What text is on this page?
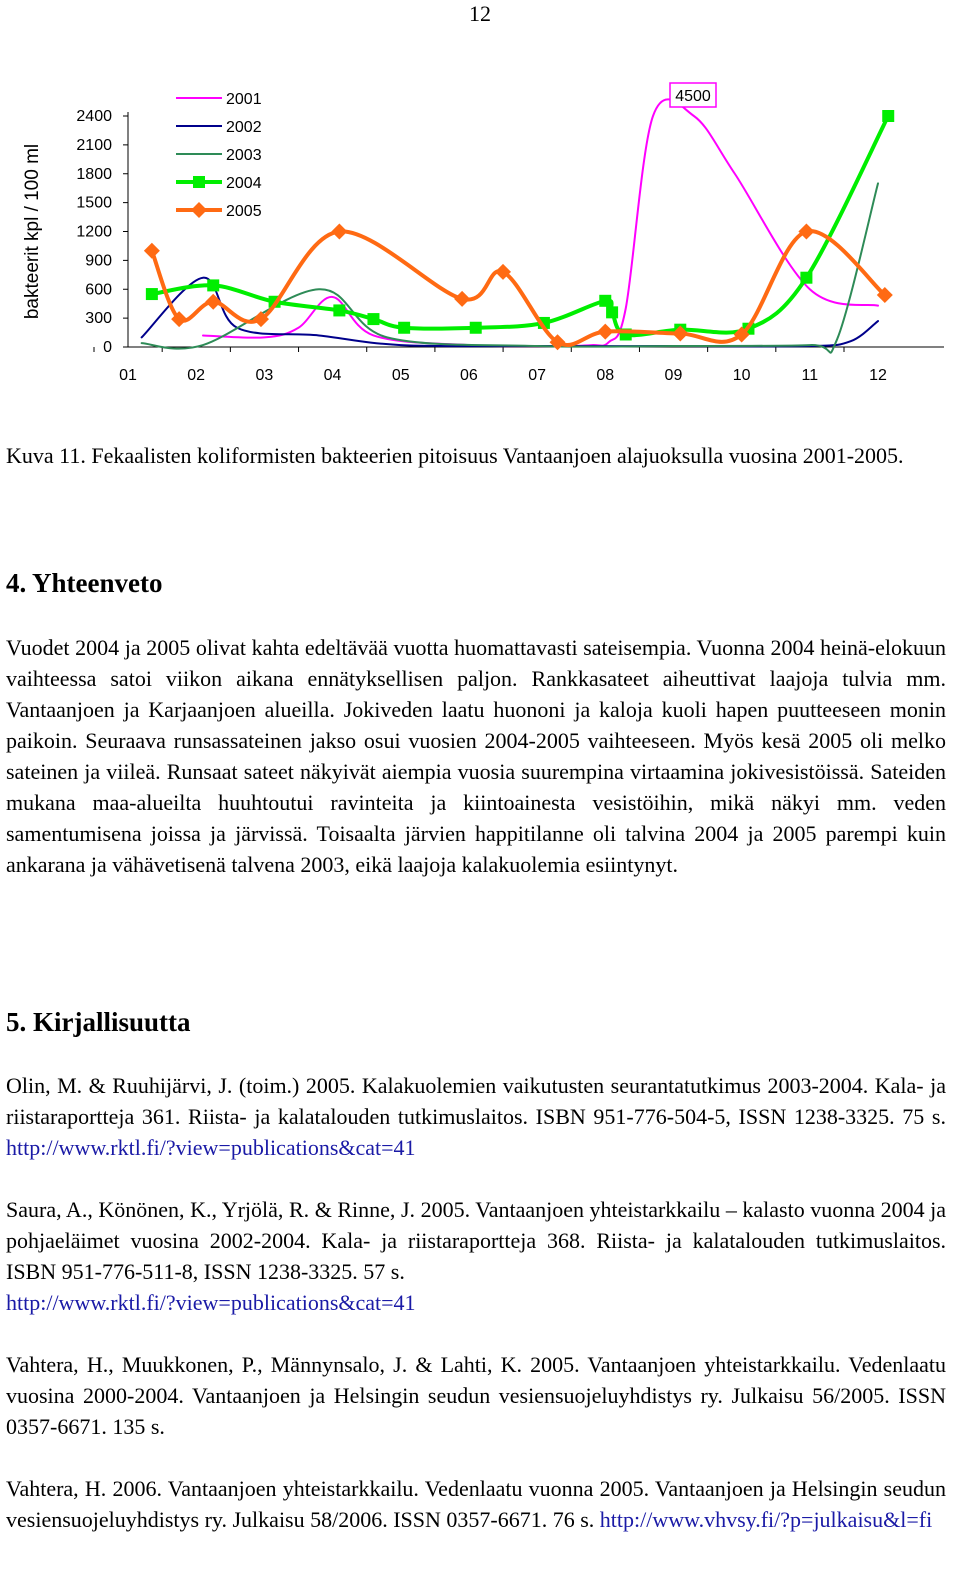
12
bakteerit kpl / 100 ml
0
300
600
900
1200
1500
1800
2100
2400
01	02	03	04	05	06	07	08	09	10	11	12
4500
2001
2002
2003
2004
2005
Kuva 11. Fekaalisten koliformisten bakteerien pitoisuus Vantaanjoen alajuoksulla vuosina 2001-2005.
4. Yhteenveto
Vuodet 2004 ja 2005 olivat kahta edeltävää vuotta huomattavasti sateisempia. Vuonna 2004 heinä-elokuun vaihteessa satoi viikon aikana ennätyksellisen paljon. Rankkasateet aiheuttivat laajoja tulvia mm. Vantaanjoen ja Karjaanjoen alueilla. Jokiveden laatu huononi ja kaloja kuoli hapen puutteeseen monin paikoin. Seuraava runsassateinen jakso osui vuosien 2004-2005 vaihteeseen. Myös kesä 2005 oli melko sateinen ja viileä. Runsaat sateet näkyivät aiempia vuosia suurempina virtaamina jokivesistöissä. Sateiden mukana maa-alueilta huuhtoutui ravinteita ja kiintoainesta vesistöihin, mikä näkyi mm. veden samentumisena joissa ja järvissä. Toisaalta järvien happitilanne oli talvina 2004 ja 2005 parempi kuin ankarana ja vähävetisenä talvena 2003, eikä laajoja kalakuolemia esiintynyt.
5. Kirjallisuutta
Olin, M. & Ruuhijärvi, J. (toim.) 2005. Kalakuolemien vaikutusten seurantatutkimus 2003-2004. Kala- ja riistaraportteja 361. Riista- ja kalatalouden tutkimuslaitos. ISBN 951-776-504-5, ISSN 1238-3325. 75 s. http://www.rktl.fi/?view=publications&cat=41
Saura, A., Könönen, K., Yrjölä, R. & Rinne, J. 2005. Vantaanjoen yhteistarkkailu – kalasto vuonna 2004 ja pohjaeläimet vuosina 2002-2004. Kala- ja riistaraportteja 368. Riista- ja kalatalouden tutkimuslaitos. ISBN 951-776-511-8, ISSN 1238-3325. 57 s.
http://www.rktl.fi/?view=publications&cat=41
Vahtera, H., Muukkonen, P., Männynsalo, J. & Lahti, K. 2005. Vantaanjoen yhteistarkkailu. Vedenlaatu vuosina 2000-2004. Vantaanjoen ja Helsingin seudun vesiensuojeluyhdistys ry. Julkaisu 56/2005. ISSN 0357-6671. 135 s.
Vahtera, H. 2006. Vantaanjoen yhteistarkkailu. Vedenlaatu vuonna 2005. Vantaanjoen ja Helsingin seudun vesiensuojeluyhdistys ry. Julkaisu 58/2006. ISSN 0357-6671. 76 s. http://www.vhvsy.fi/?p=julkaisu&l=fi
